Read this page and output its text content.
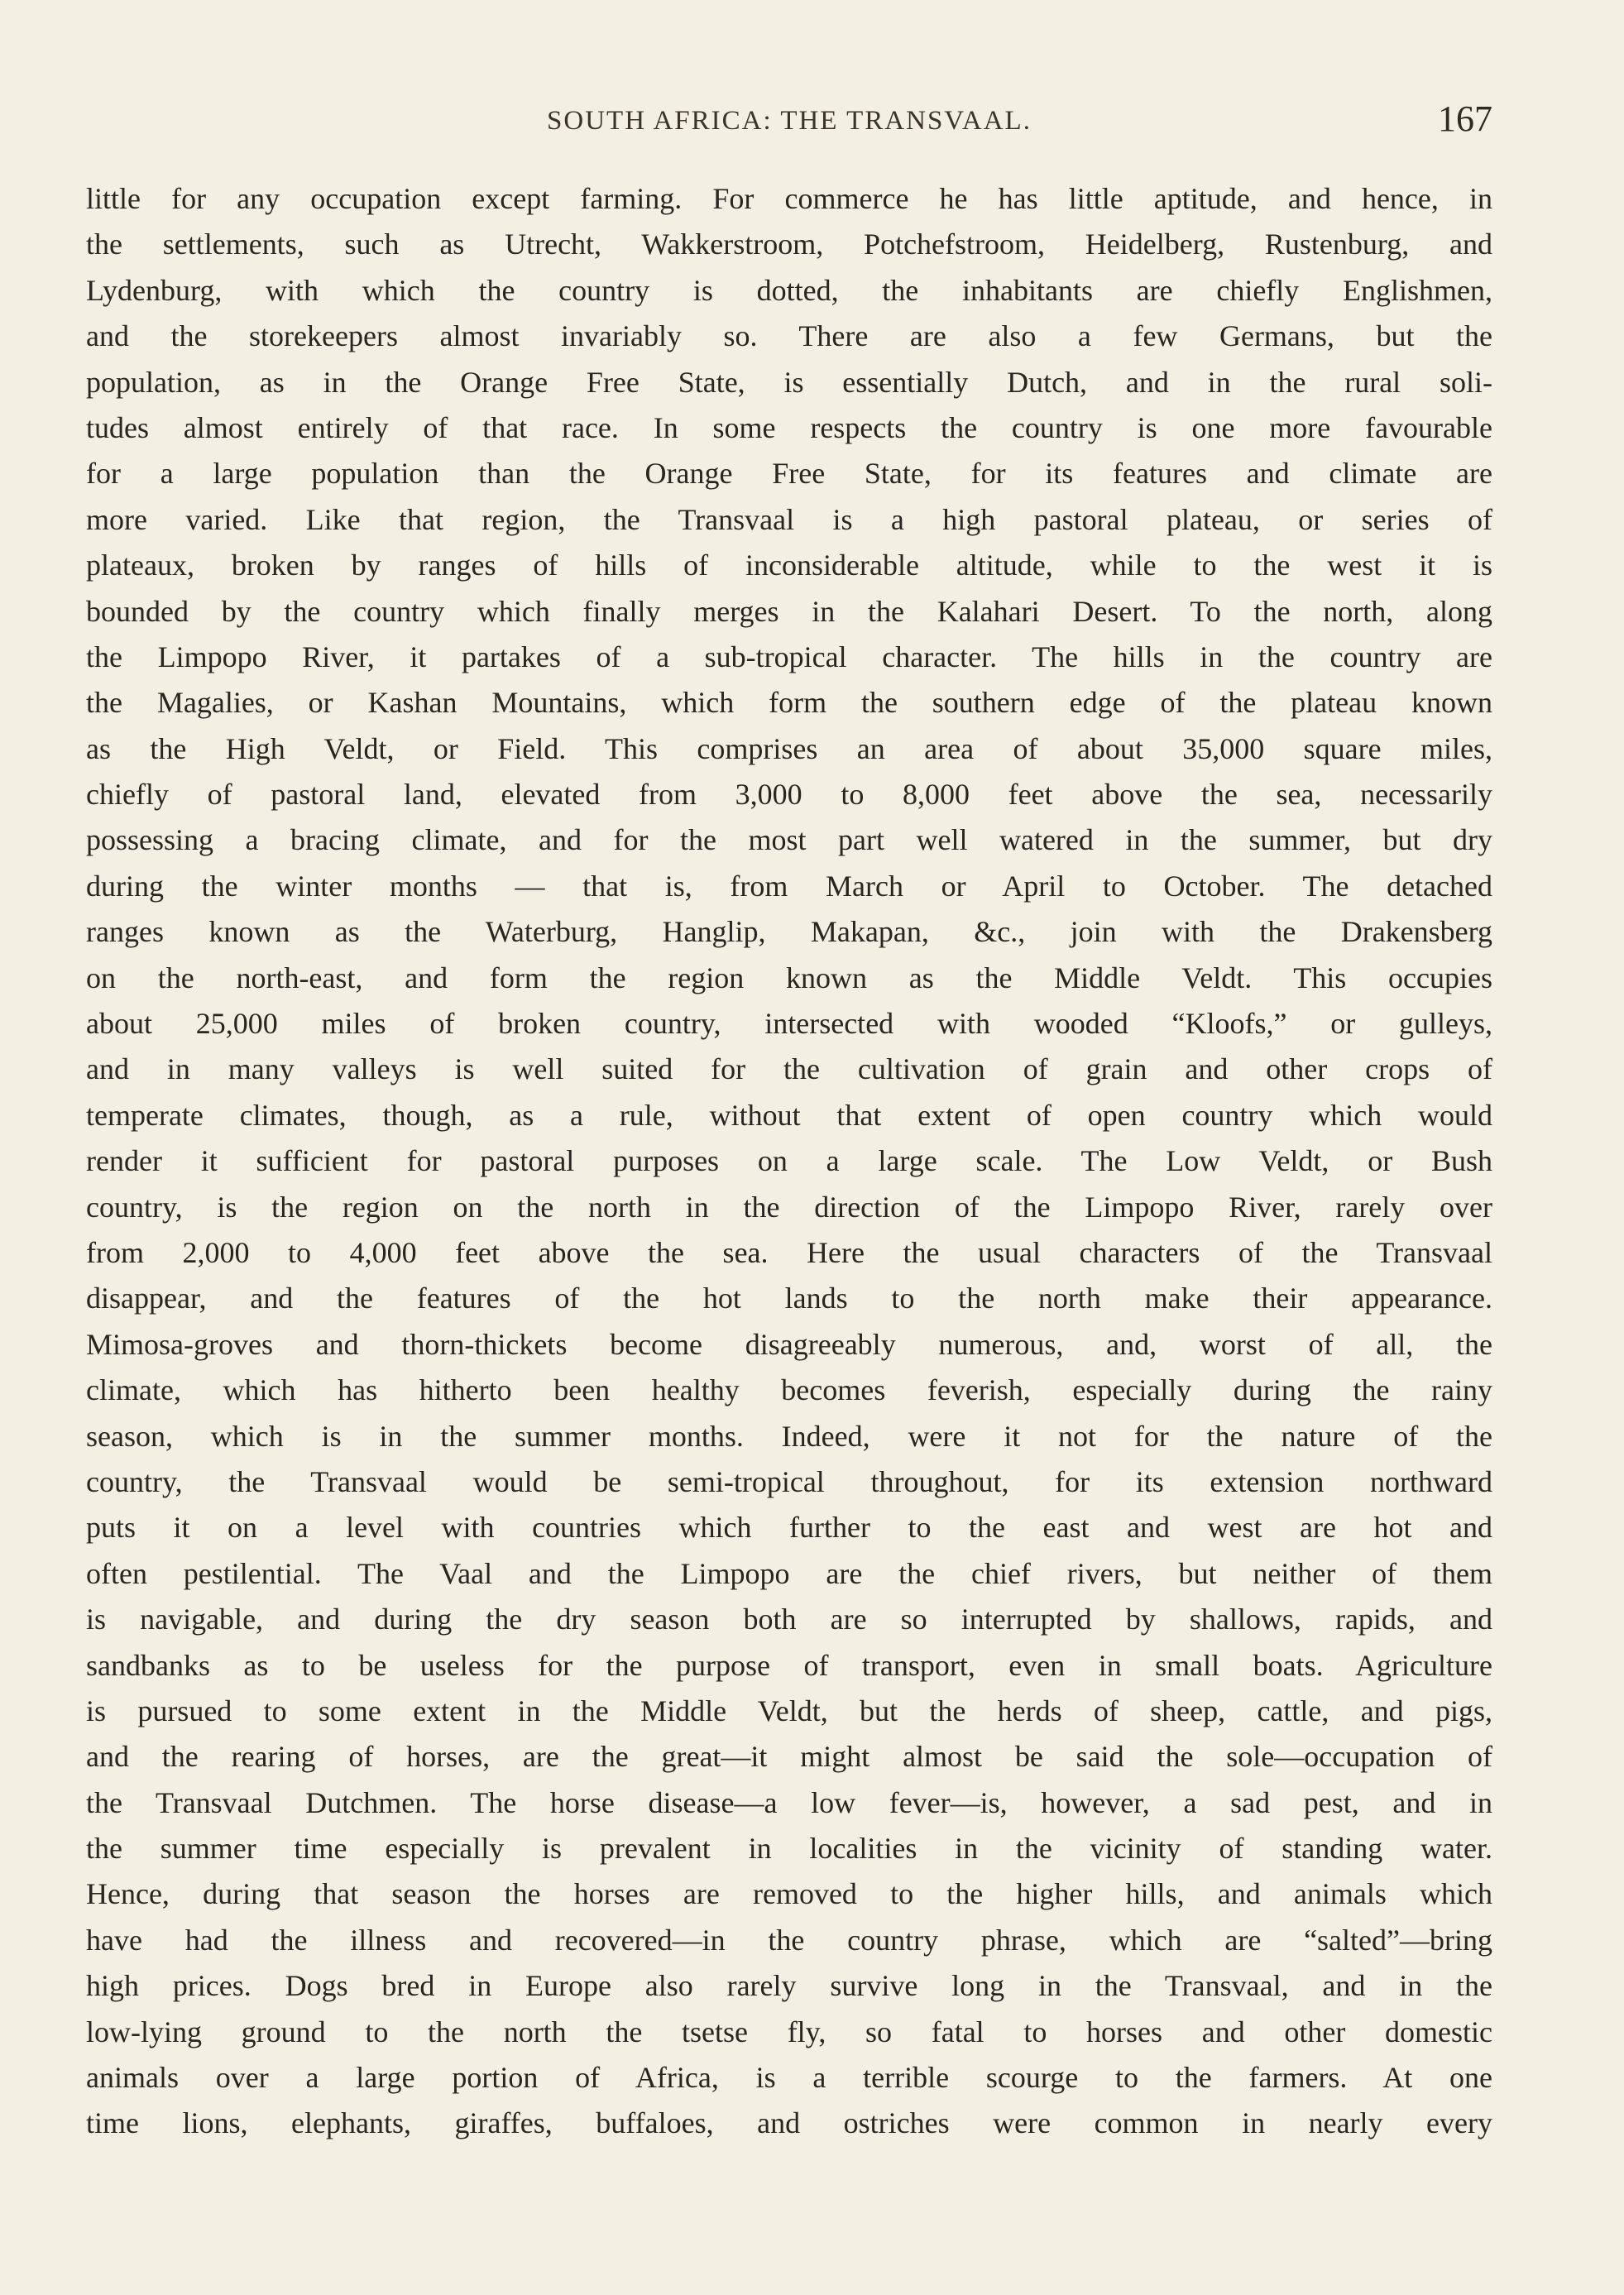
SOUTH AFRICA: THE TRANSVAAL.	167
little for any occupation except farming. For commerce he has little aptitude, and hence, in
the settlements, such as Utrecht, Wakkerstroom, Potchefstroom, Heidelberg, Rustenburg, and
Lydenburg, with which the country is dotted, the inhabitants are chiefly Englishmen,
and the storekeepers almost invariably so. There are also a few Germans, but the
population, as in the Orange Free State, is essentially Dutch, and in the rural soli-
tudes almost entirely of that race. In some respects the country is one more favourable
for a large population than the Orange Free State, for its features and climate are
more varied. Like that region, the Transvaal is a high pastoral plateau, or series of
plateaux, broken by ranges of hills of inconsiderable altitude, while to the west it is
bounded by the country which finally merges in the Kalahari Desert. To the north, along
the Limpopo River, it partakes of a sub-tropical character. The hills in the country are
the Magalies, or Kashan Mountains, which form the southern edge of the plateau known
as the High Veldt, or Field. This comprises an area of about 35,000 square miles,
chiefly of pastoral land, elevated from 3,000 to 8,000 feet above the sea, necessarily
possessing a bracing climate, and for the most part well watered in the summer, but dry
during the winter months — that is, from March or April to October. The detached
ranges known as the Waterburg, Hanglip, Makapan, &c., join with the Drakensberg
on the north-east, and form the region known as the Middle Veldt. This occupies
about 25,000 miles of broken country, intersected with wooded “Kloofs,” or gulleys,
and in many valleys is well suited for the cultivation of grain and other crops of
temperate climates, though, as a rule, without that extent of open country which would
render it sufficient for pastoral purposes on a large scale. The Low Veldt, or Bush
country, is the region on the north in the direction of the Limpopo River, rarely over
from 2,000 to 4,000 feet above the sea. Here the usual characters of the Transvaal
disappear, and the features of the hot lands to the north make their appearance.
Mimosa-groves and thorn-thickets become disagreeably numerous, and, worst of all, the
climate, which has hitherto been healthy becomes feverish, especially during the rainy
season, which is in the summer months. Indeed, were it not for the nature of the
country, the Transvaal would be semi-tropical throughout, for its extension northward
puts it on a level with countries which further to the east and west are hot and
often pestilential. The Vaal and the Limpopo are the chief rivers, but neither of them
is navigable, and during the dry season both are so interrupted by shallows, rapids, and
sandbanks as to be useless for the purpose of transport, even in small boats. Agriculture
is pursued to some extent in the Middle Veldt, but the herds of sheep, cattle, and pigs,
and the rearing of horses, are the great—it might almost be said the sole—occupation of
the Transvaal Dutchmen. The horse disease—a low fever—is, however, a sad pest, and in
the summer time especially is prevalent in localities in the vicinity of standing water.
Hence, during that season the horses are removed to the higher hills, and animals which
have had the illness and recovered—in the country phrase, which are “salted”—bring
high prices. Dogs bred in Europe also rarely survive long in the Transvaal, and in the
low-lying ground to the north the tsetse fly, so fatal to horses and other domestic
animals over a large portion of Africa, is a terrible scourge to the farmers. At one
time lions, elephants, giraffes, buffaloes, and ostriches were common in nearly every
